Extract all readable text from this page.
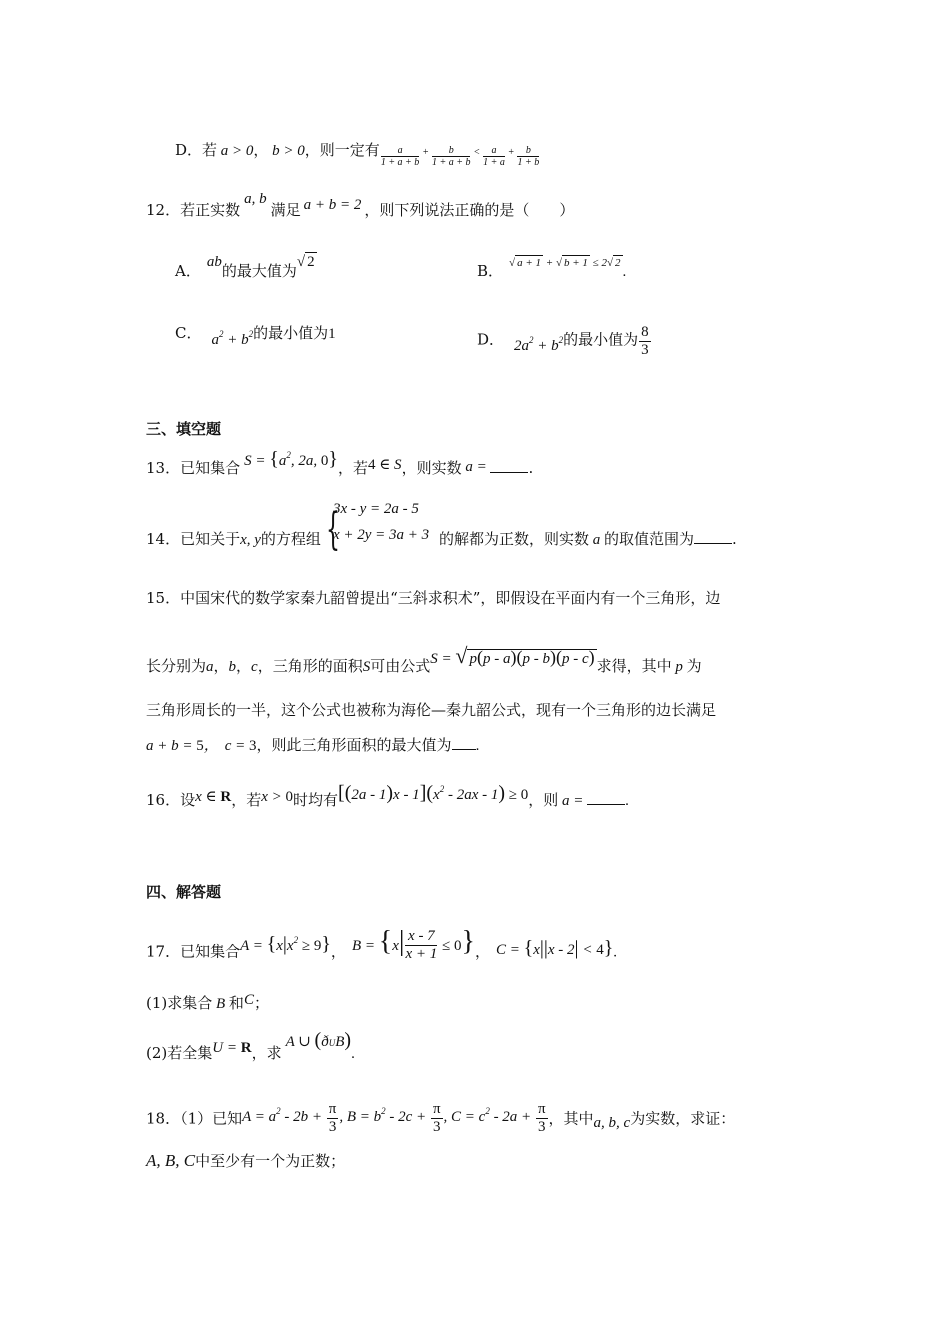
D．若 a > 0， b > 0，则一定有 $\frac{a}{1 + a + b} + \frac{b}{1 + a + b} < \frac{a}{1 + a} + \frac{b}{1 + b}$
12．若正实数a, b满足 a + b = 2 ，则下列说法正确的是（　　）
A． ab的最大值为√ 2	B． $^{√ a + 1 + √ b + 1 \le 2√ 2}$.
C． $a^2 + b^2$的最小值为1	D． $2a^2 + b^2$的最小值为 $\frac{8}{3}$
三、填空题
13．已知集合 $S = \{a^2$, 2a, 0}，若4 ∈ S，则实数 a =	.
14．已知关于x, y的方程组 {
3x - y = 2a - 5
x + 2y = 3a + 3 的解都为正数，则实数 a 的取值范围为	.
15．中国宋代的数学家秦九韶曾提出“三斜求积术”，即假设在平面内有一个三角形，边
长分别为a，b，c，三角形的面积S可由公式S = √ p(p - a)(p - b)(p - c) 求得，其中 p 为
三角形周长的一半，这个公式也被称为海伦—秦九韶公式，现有一个三角形的边长满足
a + b = 5， c = 3，则此三角形面积的最大值为 .
16．设x ∈ R，若x > 0时均有$[(2a - 1)x - 1](x^2 - 2ax - 1) \ge 0$，则 a =	.
四、解答题
17．已知集合$A = \{x|x^2 \ge 9\}$， $B = \{x| \frac{x - 7}{x + 1} \le 0\}$， C = {x||x - 2| < 4}.
(1)求集合 B 和C；
(2)若全集U = R，求A ∪ (ðUB).
18．（1）已知$A = a^2 - 2b + \frac{\pi}{3}$ , $B = b^2 - 2c + \frac{\pi}{3}$ , $C = c^2 - 2a + \frac{\pi}{3}$ ，其中a, b, c为实数，求证：
A, B, C中至少有一个为正数；
